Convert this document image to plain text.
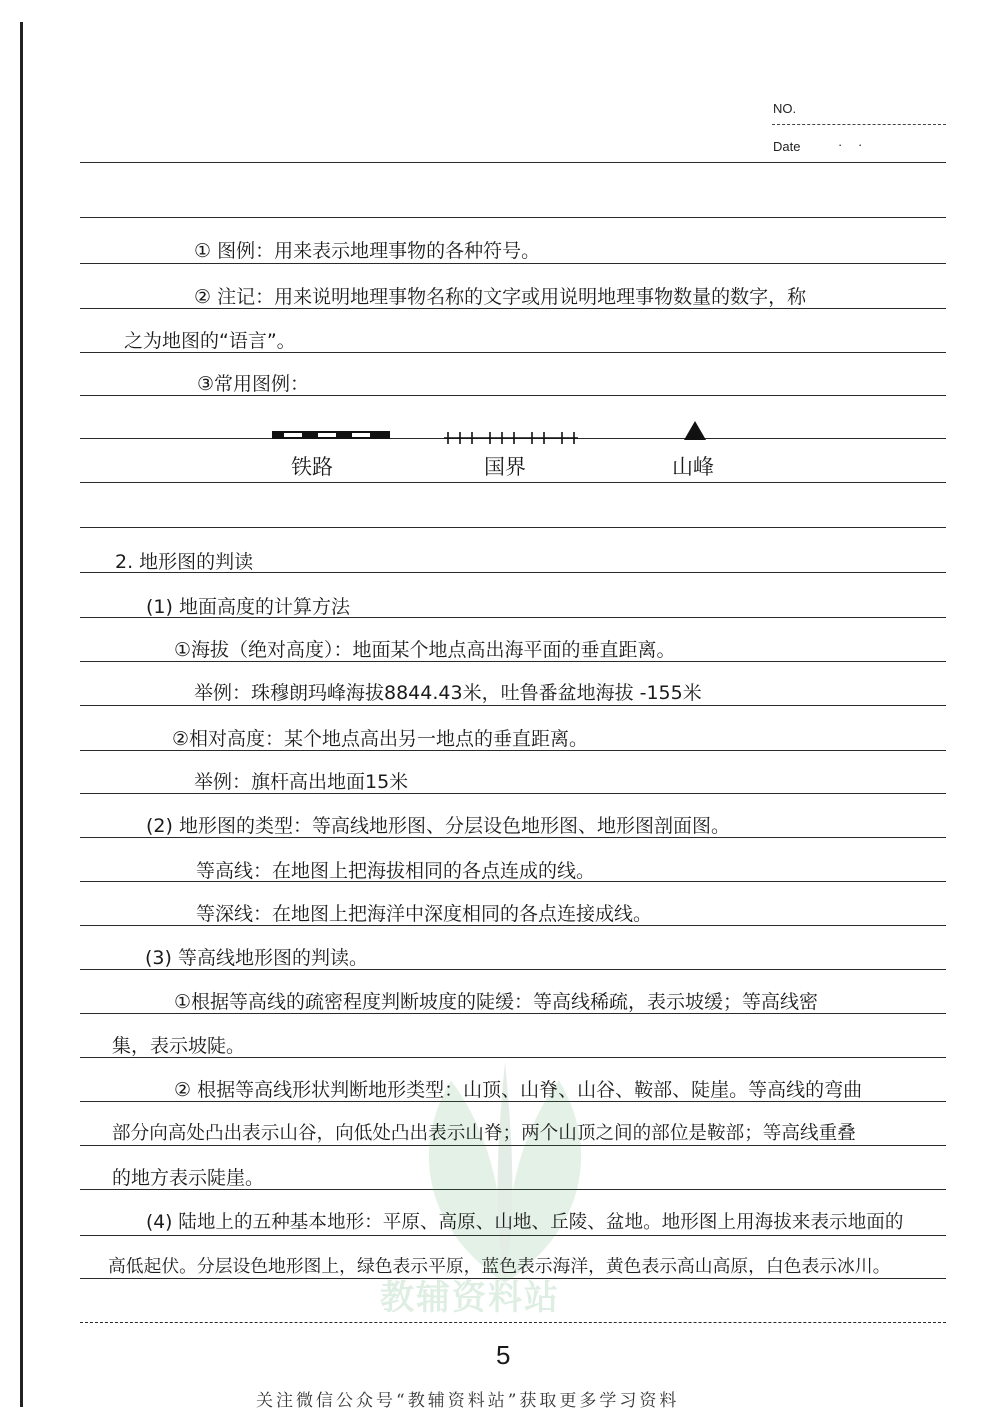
NO.
Date	· ·
教辅资料站
① 图例：用来表示地理事物的各种符号。
② 注记：用来说明地理事物名称的文字或用说明地理事物数量的数字，称
之为地图的“语言”。
③常用图例：
铁路	国界	山峰
2. 地形图的判读
(1) 地面高度的计算方法
①海拔（绝对高度）：地面某个地点高出海平面的垂直距离。
举例：珠穆朗玛峰海拔8844.43米，吐鲁番盆地海拔 -155米
②相对高度：某个地点高出另一地点的垂直距离。
举例：旗杆高出地面15米
(2) 地形图的类型：等高线地形图、分层设色地形图、地形图剖面图。
等高线：在地图上把海拔相同的各点连成的线。
等深线：在地图上把海洋中深度相同的各点连接成线。
(3) 等高线地形图的判读。
①根据等高线的疏密程度判断坡度的陡缓：等高线稀疏，表示坡缓；等高线密
集，表示坡陡。
② 根据等高线形状判断地形类型：山顶、山脊、山谷、鞍部、陡崖。等高线的弯曲
部分向高处凸出表示山谷，向低处凸出表示山脊；两个山顶之间的部位是鞍部；等高线重叠
的地方表示陡崖。
(4) 陆地上的五种基本地形：平原、高原、山地、丘陵、盆地。地形图上用海拔来表示地面的
高低起伏。分层设色地形图上，绿色表示平原，蓝色表示海洋，黄色表示高山高原，白色表示冰川。
5
关注微信公众号“教辅资料站”获取更多学习资料
